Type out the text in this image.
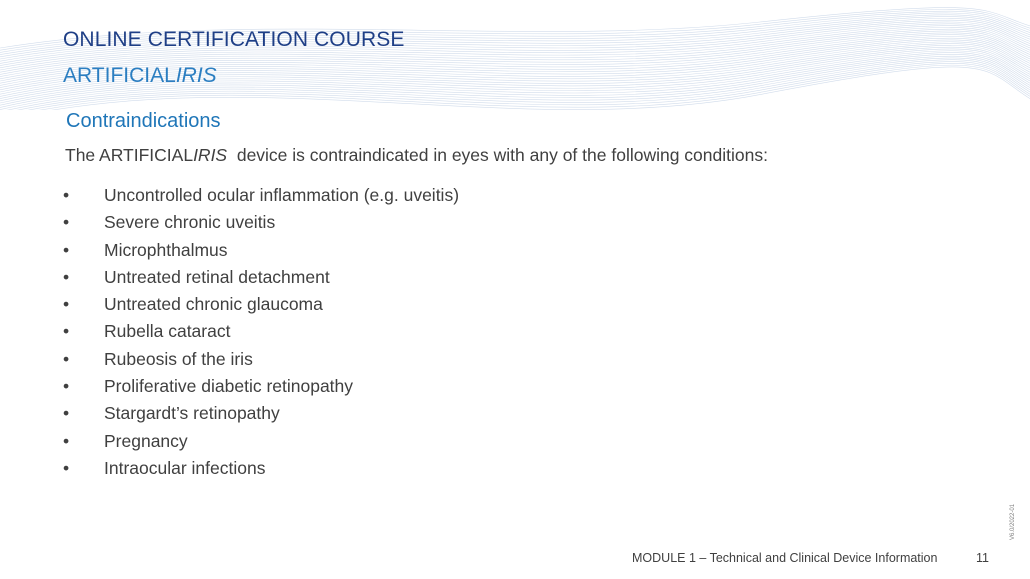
ONLINE CERTIFICATION COURSE
ARTIFICIALIRIS
Contraindications
The ARTIFICIALIRIS  device is contraindicated in eyes with any of the following conditions:
•	Uncontrolled ocular inflammation (e.g. uveitis)
•	Severe chronic uveitis
•	Microphthalmus
•	Untreated retinal detachment
•	Untreated chronic glaucoma
•	Rubella cataract
•	Rubeosis of the iris
•	Proliferative diabetic retinopathy
•	Stargardt’s retinopathy
•	Pregnancy
•	Intraocular infections
MODULE 1 – Technical and Clinical Device Information	11
V6.0/2022-01
